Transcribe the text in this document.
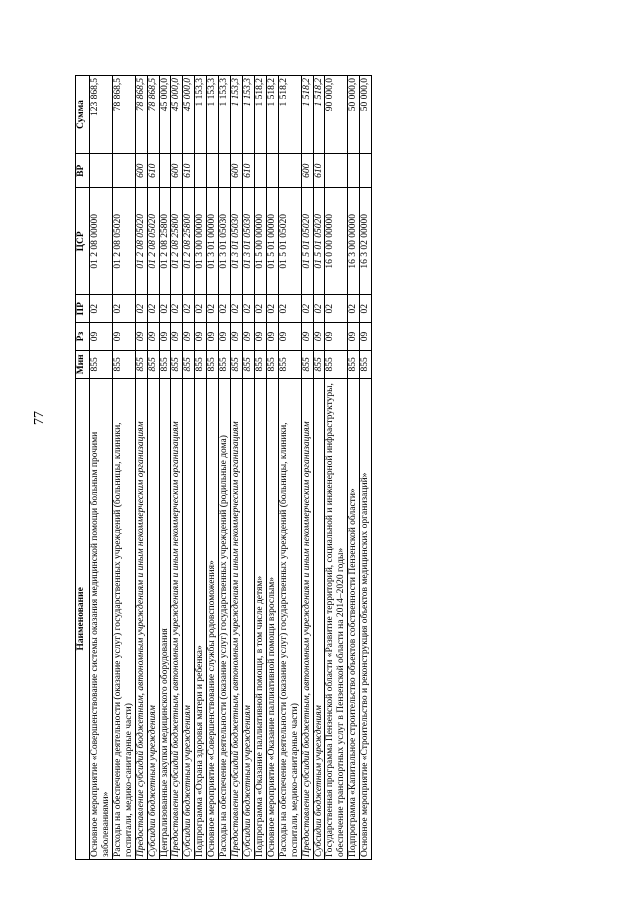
77
Наименование	Мин	Рз	ПР	ЦСР	ВР	Сумма
Основное мероприятие «Совершенствование системы оказания медицинской помощи больным прочими заболеваниями»	855	09	02	01 2 08 00000		123 868,5
Расходы на обеспечение деятельности (оказание услуг) государственных учреждений (больницы, клиники, госпитали, медико-санитарные части)	855	09	02	01 2 08 05020		78 868,5
Предоставление субсидий бюджетным, автономным учреждениям и иным некоммерческим организациям	855	09	02	01 2 08 05020	600	78 868,5
Субсидии бюджетным учреждениям	855	09	02	01 2 08 05020	610	78 868,5
Централизованные закупки медицинского оборудования	855	09	02	01 2 08 25800		45 000,0
Предоставление субсидий бюджетным, автономным учреждениям и иным некоммерческим организациям	855	09	02	01 2 08 25800	600	45 000,0
Субсидии бюджетным учреждениям	855	09	02	01 2 08 25800	610	45 000,0
Подпрограмма «Охрана здоровья матери и ребенка»	855	09	02	01 3 00 00000		1 153,3
Основное мероприятие «Совершенствование службы родовспоможения»	855	09	02	01 3 01 00000		1 153,3
Расходы на обеспечение деятельности (оказание услуг) государственных учреждений (родильные дома)	855	09	02	01 3 01 05030		1 153,3
Предоставление субсидий бюджетным, автономным учреждениям и иным некоммерческим организациям	855	09	02	01 3 01 05030	600	1 153,3
Субсидии бюджетным учреждениям	855	09	02	01 3 01 05030	610	1 153,3
Подпрограмма «Оказание паллиативной помощи, в том числе детям»	855	09	02	01 5 00 00000		1 518,2
Основное мероприятие «Оказание паллиативной помощи взрослым»	855	09	02	01 5 01 00000		1 518,2
Расходы на обеспечение деятельности (оказание услуг) государственных учреждений (больницы, клиники, госпитали, медико-санитарные части)	855	09	02	01 5 01 05020		1 518,2
Предоставление субсидий бюджетным, автономным учреждениям и иным некоммерческим организациям	855	09	02	01 5 01 05020	600	1 518,2
Субсидии бюджетным учреждениям	855	09	02	01 5 01 05020	610	1 518,2
Государственная программа Пензенской области «Развитие территорий, социальной и инженерной инфраструктуры, обеспечение транспортных услуг в Пензенской области на 2014–2020 годы»	855	09	02	16 0 00 00000		90 000,0
Подпрограмма «Капитальное строительство объектов собственности Пензенской области»	855	09	02	16 3 00 00000		50 000,0
Основное мероприятие «Строительство и реконструкция объектов медицинских организаций»	855	09	02	16 3 02 00000		50 000,0
